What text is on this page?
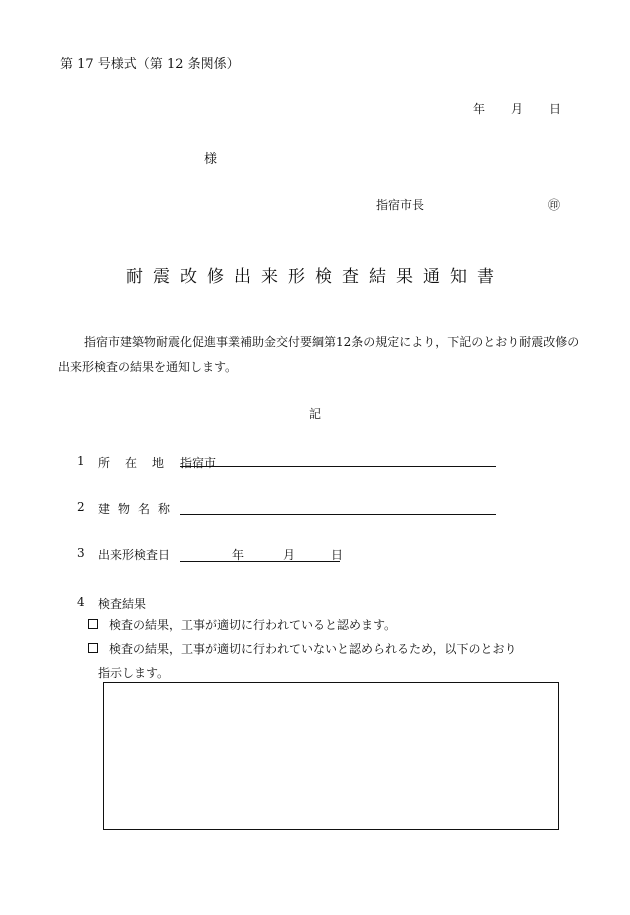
第 17 号様式（第 12 条関係）
年 月 日
様
指宿市長	㊞
耐震改修出来形検査結果通知書
指宿市建築物耐震化促進事業補助金交付要綱第12条の規定により，下記のとおり耐震改修の
出来形検査の結果を通知します。
記
1 所在地 指宿市
2 建物名称
3 出来形検査日	年	月	日
4 検査結果
検査の結果，工事が適切に行われていると認めます。
検査の結果，工事が適切に行われていないと認められるため，以下のとおり
指示します。
